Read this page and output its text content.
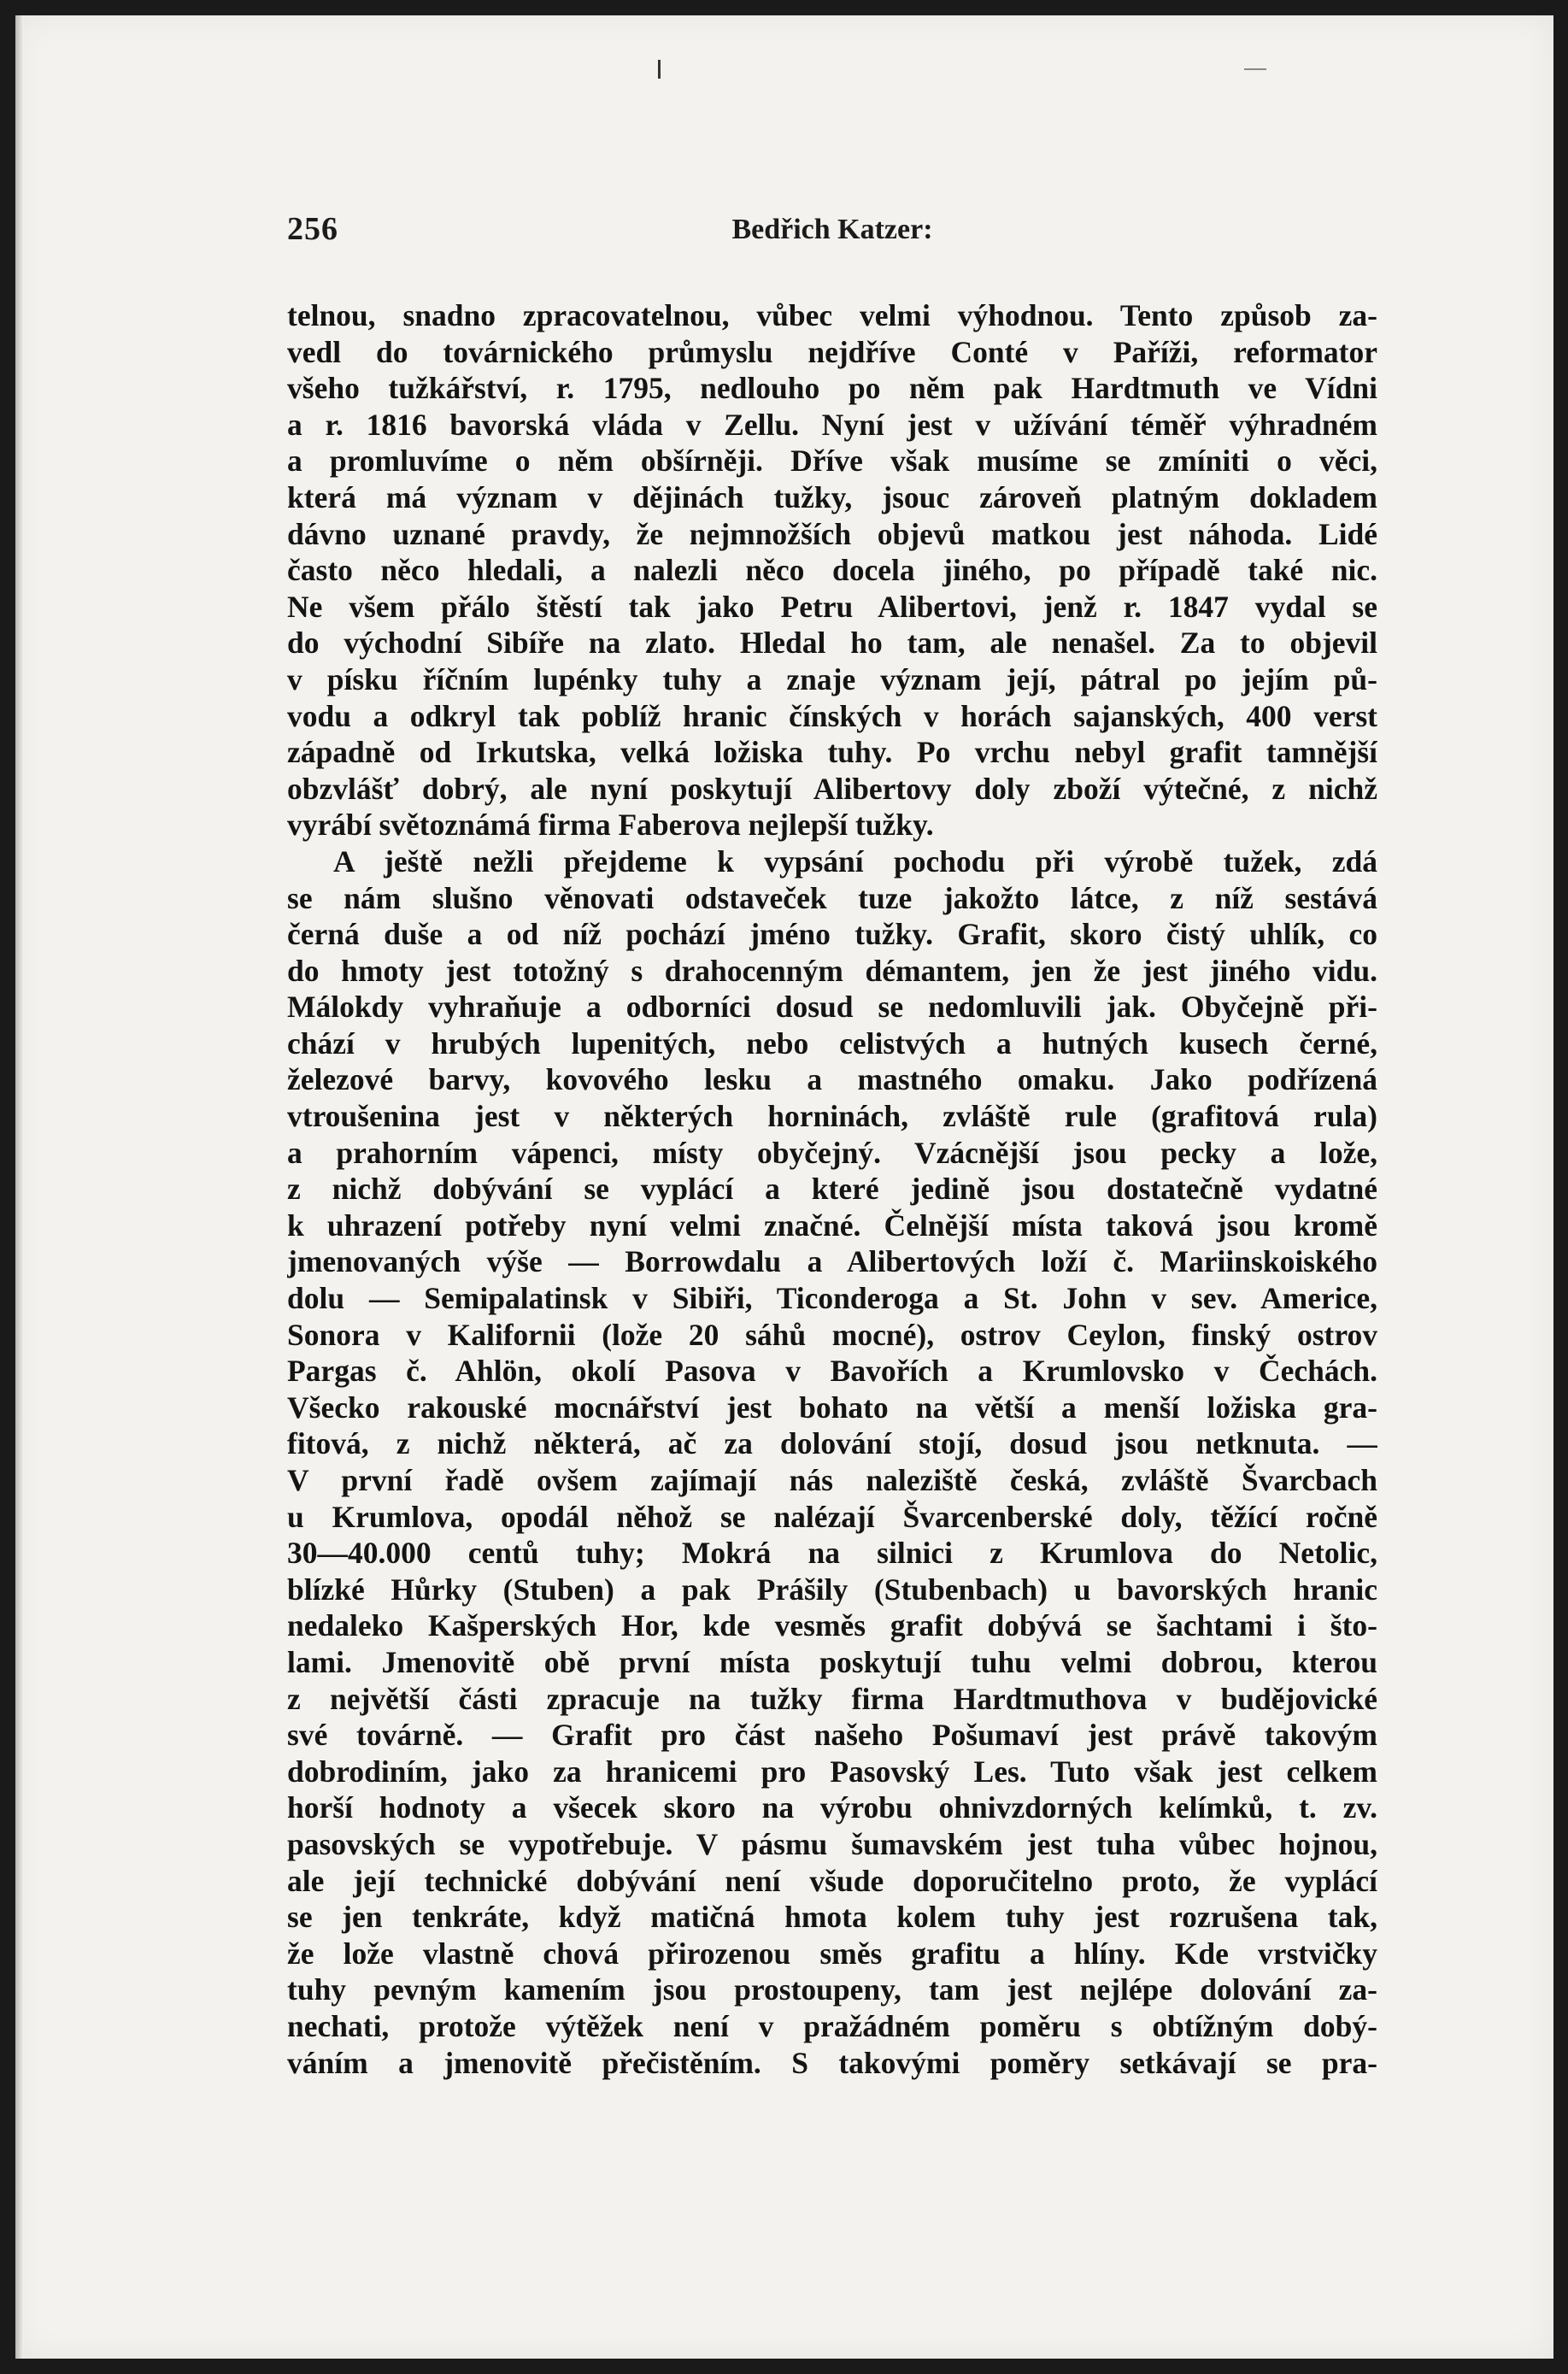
256	Bedřich Katzer:
telnou, snadno zpracovatelnou, vůbec velmi výhodnou. Tento způsob za-
vedl do továrnického průmyslu nejdříve Conté v Paříži, reformator
všeho tužkářství, r. 1795, nedlouho po něm pak Hardtmuth ve Vídni
a r. 1816 bavorská vláda v Zellu. Nyní jest v užívání téměř výhradném
a promluvíme o něm obšírněji. Dříve však musíme se zmíniti o věci,
která má význam v dějinách tužky, jsouc zároveň platným dokladem
dávno uznané pravdy, že nejmnožších objevů matkou jest náhoda. Lidé
často něco hledali, a nalezli něco docela jiného, po případě také nic.
Ne všem přálo štěstí tak jako Petru Alibertovi, jenž r. 1847 vydal se
do východní Sibíře na zlato. Hledal ho tam, ale nenašel. Za to objevil
v písku říčním lupénky tuhy a znaje význam její, pátral po jejím pů-
vodu a odkryl tak poblíž hranic čínských v horách sajanských, 400 verst
západně od Irkutska, velká ložiska tuhy. Po vrchu nebyl grafit tamnější
obzvlášť dobrý, ale nyní poskytují Alibertovy doly zboží výtečné, z nichž
vyrábí světoznámá firma Faberova nejlepší tužky.
A ještě nežli přejdeme k vypsání pochodu při výrobě tužek, zdá
se nám slušno věnovati odstaveček tuze jakožto látce, z níž sestává
černá duše a od níž pochází jméno tužky. Grafit, skoro čistý uhlík, co
do hmoty jest totožný s drahocenným démantem, jen že jest jiného vidu.
Málokdy vyhraňuje a odborníci dosud se nedomluvili jak. Obyčejně při-
chází v hrubých lupenitých, nebo celistvých a hutných kusech černé,
železové barvy, kovového lesku a mastného omaku. Jako podřízená
vtroušenina jest v některých horninách, zvláště rule (grafitová rula)
a prahorním vápenci, místy obyčejný. Vzácnější jsou pecky a lože,
z nichž dobývání se vyplácí a které jedině jsou dostatečně vydatné
k uhrazení potřeby nyní velmi značné. Čelnější místa taková jsou kromě
jmenovaných výše — Borrowdalu a Alibertových loží č. Mariinskoiského
dolu — Semipalatinsk v Sibiři, Ticonderoga a St. John v sev. Americe,
Sonora v Kalifornii (lože 20 sáhů mocné), ostrov Ceylon, finský ostrov
Pargas č. Ahlön, okolí Pasova v Bavořích a Krumlovsko v Čechách.
Všecko rakouské mocnářství jest bohato na větší a menší ložiska gra-
fitová, z nichž některá, ač za dolování stojí, dosud jsou netknuta. —
V první řadě ovšem zajímají nás naleziště česká, zvláště Švarcbach
u Krumlova, opodál něhož se nalézají Švarcenberské doly, těžící ročně
30—40.000 centů tuhy; Mokrá na silnici z Krumlova do Netolic,
blízké Hůrky (Stuben) a pak Prášily (Stubenbach) u bavorských hranic
nedaleko Kašperských Hor, kde vesměs grafit dobývá se šachtami i što-
lami. Jmenovitě obě první místa poskytují tuhu velmi dobrou, kterou
z největší části zpracuje na tužky firma Hardtmuthova v budějovické
své továrně. — Grafit pro část našeho Pošumaví jest právě takovým
dobrodiním, jako za hranicemi pro Pasovský Les. Tuto však jest celkem
horší hodnoty a všecek skoro na výrobu ohnivzdorných kelímků, t. zv.
pasovských se vypotřebuje. V pásmu šumavském jest tuha vůbec hojnou,
ale její technické dobývání není všude doporučitelno proto, že vyplácí
se jen tenkráte, když matičná hmota kolem tuhy jest rozrušena tak,
že lože vlastně chová přirozenou směs grafitu a hlíny. Kde vrstvičky
tuhy pevným kamením jsou prostoupeny, tam jest nejlépe dolování za-
nechati, protože výtěžek není v pražádném poměru s obtížným dobý-
váním a jmenovitě přečistěním. S takovými poměry setkávají se pra-
